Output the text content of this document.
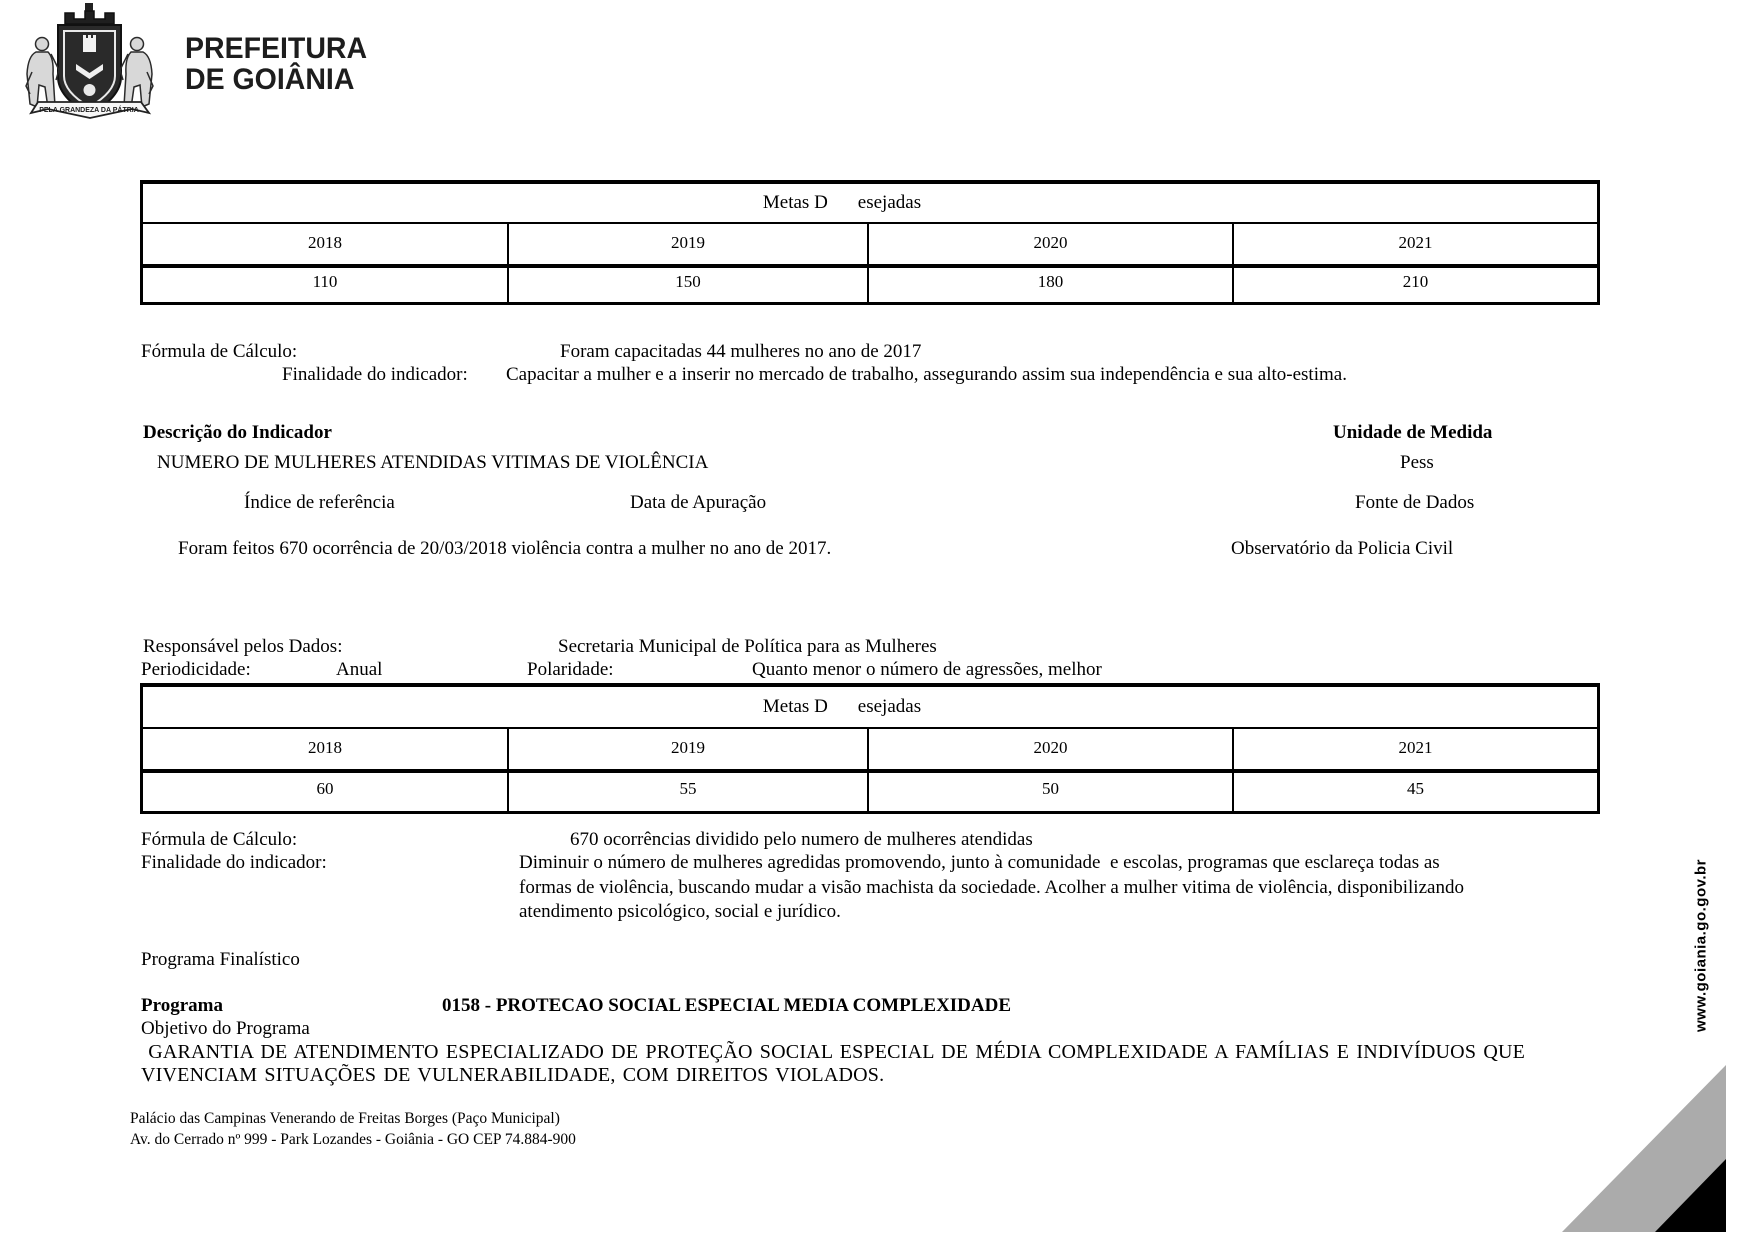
PELA GRANDEZA DA PÁTRIA
PREFEITURA
DE GOIÂNIA
Metas D esejadas
2018	2019	2020	2021
110	150	180	210
Fórmula de Cálculo:	Foram capacitadas 44 mulheres no ano de 2017
Finalidade do indicador: Capacitar a mulher e a inserir no mercado de trabalho, assegurando assim sua independência e sua alto-estima.
Descrição do Indicador	Unidade de Medida
NUMERO DE MULHERES ATENDIDAS VITIMAS DE VIOLÊNCIA	Pess
Índice de referência	Data de Apuração	Fonte de Dados
Foram feitos 670 ocorrência de 20/03/2018 violência contra a mulher no ano de 2017.	Observatório da Policia Civil
Responsável pelos Dados:	Secretaria Municipal de Política para as Mulheres
Periodicidade:	Anual	Polaridade:	Quanto menor o número de agressões, melhor
Metas D esejadas
2018	2019	2020	2021
60	55	50	45
Fórmula de Cálculo:	670 ocorrências dividido pelo numero de mulheres atendidas
Finalidade do indicador:	Diminuir o número de mulheres agredidas promovendo, junto à comunidade  e escolas, programas que esclareça todas as
formas de violência, buscando mudar a visão machista da sociedade. Acolher a mulher vitima de violência, disponibilizando
atendimento psicológico, social e jurídico.
Programa Finalístico
Programa	0158 - PROTECAO SOCIAL ESPECIAL MEDIA COMPLEXIDADE
Objetivo do Programa
GARANTIA DE ATENDIMENTO ESPECIALIZADO DE PROTEÇÃO SOCIAL ESPECIAL DE MÉDIA COMPLEXIDADE A FAMÍLIAS E INDIVÍDUOS QUE
VIVENCIAM SITUAÇÕES DE VULNERABILIDADE, COM DIREITOS VIOLADOS.
Palácio das Campinas Venerando de Freitas Borges (Paço Municipal)
Av. do Cerrado nº 999 - Park Lozandes - Goiânia - GO CEP 74.884-900
www.goiania.go.gov.br
